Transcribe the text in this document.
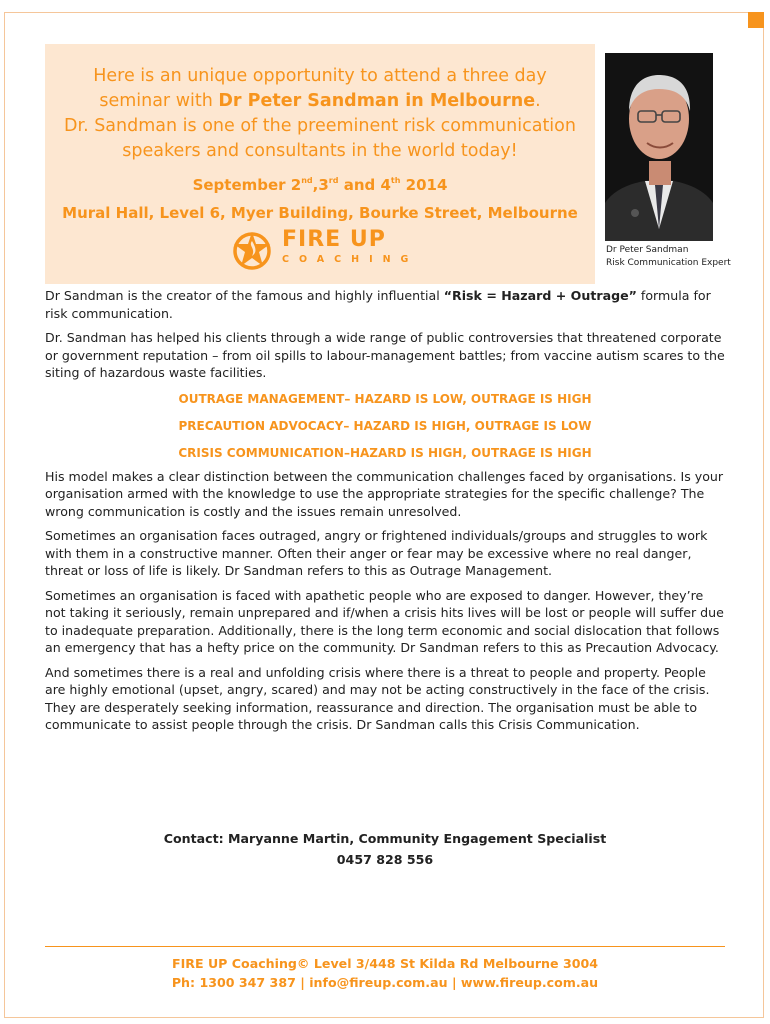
Here is an unique opportunity to attend a three day

seminar with Dr Peter Sandman in Melbourne.

Dr. Sandman is one of the preeminent risk communication

speakers and consultants in the world today!

September 2nd,3rd and 4th 2014
Mural Hall, Level 6, Myer Building, Bourke Street, Melbourne
FIRE UP
COACHING
Dr Peter Sandman
Risk Communication Expert

Dr Sandman is the creator of the famous and highly influential “Risk = Hazard + Outrage” formula for risk communication.

Dr. Sandman has helped his clients through a wide range of public controversies that threatened corporate or government reputation – from oil spills to labour-management battles; from vaccine autism scares to the siting of hazardous waste facilities.

OUTRAGE MANAGEMENT– HAZARD IS LOW, OUTRAGE IS HIGH

PRECAUTION ADVOCACY– HAZARD IS HIGH, OUTRAGE IS LOW

CRISIS COMMUNICATION–HAZARD IS HIGH, OUTRAGE IS HIGH

His model makes a clear distinction between the communication challenges faced by organisations. Is your organisation armed with the knowledge to use the appropriate strategies for the specific challenge? The wrong communication is costly and the issues remain unresolved.

Sometimes an organisation faces outraged, angry or frightened individuals/groups and struggles to work with them in a constructive manner. Often their anger or fear may be excessive where no real danger, threat or loss of life is likely. Dr Sandman refers to this as Outrage Management.

Sometimes an organisation is faced with apathetic people who are exposed to danger. However, they’re not taking it seriously, remain unprepared and if/when a crisis hits lives will be lost or people will suffer due to inadequate preparation. Additionally, there is the long term economic and social dislocation that follows an emergency that has a hefty price on the community. Dr Sandman refers to this as Precaution Advocacy.

And sometimes there is a real and unfolding crisis where there is a threat to people and property. People are highly emotional (upset, angry, scared) and may not be acting constructively in the face of the crisis. They are desperately seeking information, reassurance and direction. The organisation must be able to communicate to assist people through the crisis. Dr Sandman calls this Crisis Communication.

Contact: Maryanne Martin, Community Engagement Specialist
0457 828 556
FIRE UP Coaching© Level 3/448 St Kilda Rd Melbourne 3004
Ph: 1300 347 387 | info@fireup.com.au | www.fireup.com.au
